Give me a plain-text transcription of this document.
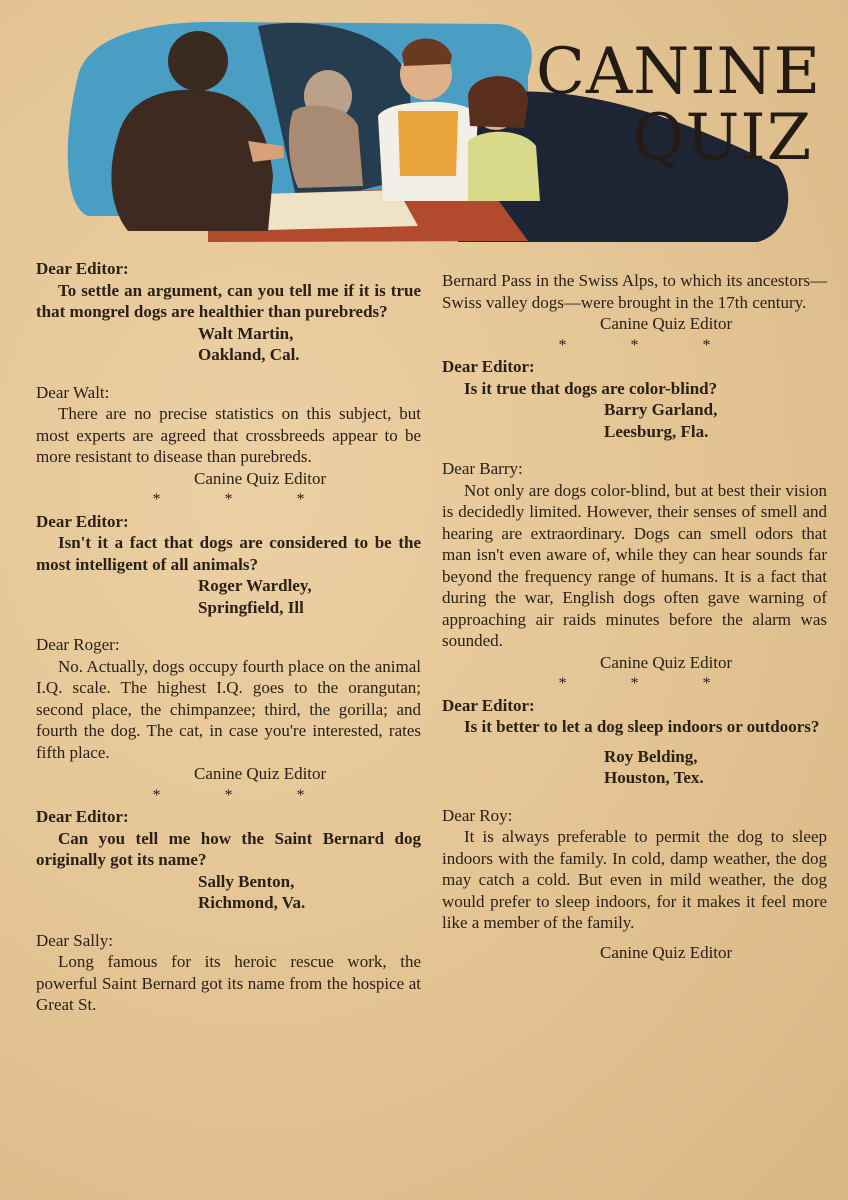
CANINE
QUIZ

Dear Editor:

To settle an argument, can you tell me if it is true that mongrel dogs are healthier than purebreds?

Walt Martin,

Oakland, Cal.

Dear Walt:

There are no precise statistics on this subject, but most experts are agreed that crossbreeds appear to be more resistant to disease than purebreds.

Canine Quiz Editor

* * *

Dear Editor:

Isn't it a fact that dogs are considered to be the most intelligent of all animals?

Roger Wardley,

Springfield, Ill

Dear Roger:

No. Actually, dogs occupy fourth place on the animal I.Q. scale. The highest I.Q. goes to the orangutan; second place, the chimpanzee; third, the gorilla; and fourth the dog. The cat, in case you're interested, rates fifth place.

Canine Quiz Editor

* * *

Dear Editor:

Can you tell me how the Saint Bernard dog originally got its name?

Sally Benton,

Richmond, Va.

Dear Sally:

Long famous for its heroic rescue work, the powerful Saint Bernard got its name from the hospice at Great St.

Bernard Pass in the Swiss Alps, to which its ancestors—Swiss valley dogs—were brought in the 17th century.

Canine Quiz Editor

* * *

Dear Editor:

Is it true that dogs are color-blind?

Barry Garland,

Leesburg, Fla.

Dear Barry:

Not only are dogs color-blind, but at best their vision is decidedly limited. However, their senses of smell and hearing are extraordinary. Dogs can smell odors that man isn't even aware of, while they can hear sounds far beyond the frequency range of humans. It is a fact that during the war, English dogs often gave warning of approaching air raids minutes before the alarm was sounded.

Canine Quiz Editor

* * *

Dear Editor:

Is it better to let a dog sleep indoors or outdoors?

Roy Belding,

Houston, Tex.

Dear Roy:

It is always preferable to permit the dog to sleep indoors with the family. In cold, damp weather, the dog may catch a cold. But even in mild weather, the dog would prefer to sleep indoors, for it makes it feel more like a member of the family.

Canine Quiz Editor
